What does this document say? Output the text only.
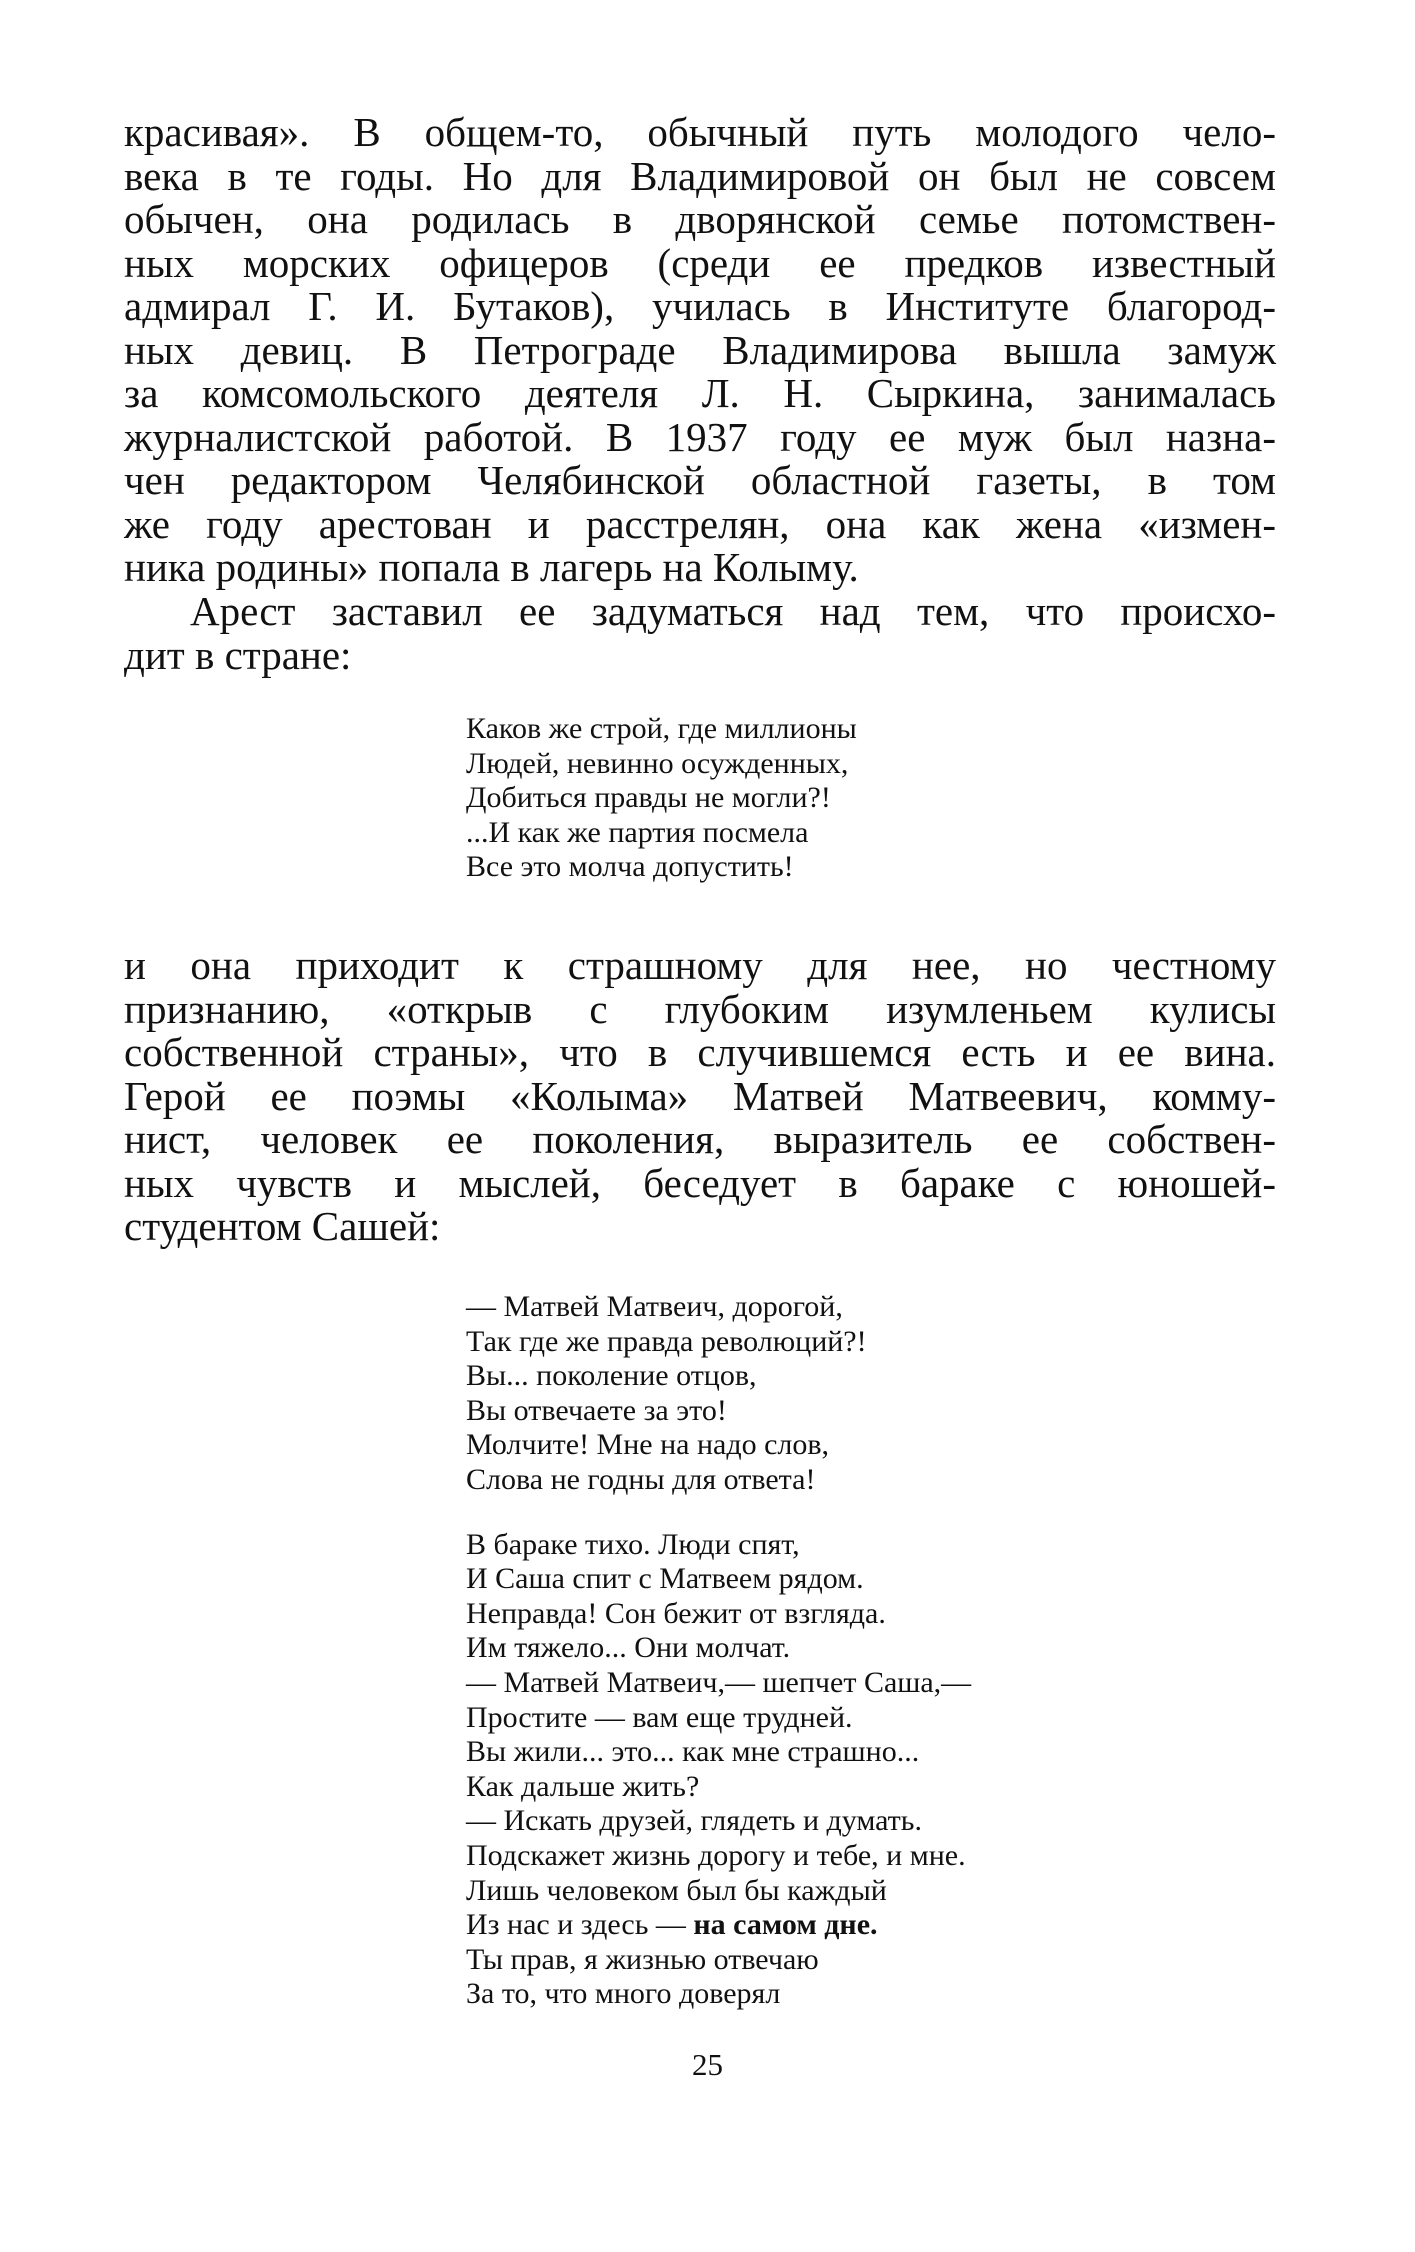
красивая». В общем-то, обычный путь молодого чело-
века в те годы. Но для Владимировой он был не совсем
обычен, она родилась в дворянской семье потомствен-
ных морских офицеров (среди ее предков известный
адмирал Г. И. Бутаков), училась в Институте благород-
ных девиц. В Петрограде Владимирова вышла замуж
за комсомольского деятеля Л. Н. Сыркина, занималась
журналистской работой. В 1937 году ее муж был назна-
чен редактором Челябинской областной газеты, в том
же году арестован и расстрелян, она как жена «измен-
ника родины» попала в лагерь на Колыму.
Арест заставил ее задуматься над тем, что происхо-
дит в стране:
Каков же строй, где миллионы
Людей, невинно осужденных,
Добиться правды не могли?!
...И как же партия посмела
Все это молча допустить!
и она приходит к страшному для нее, но честному
признанию, «открыв с глубоким изумленьем кулисы
собственной страны», что в случившемся есть и ее вина.
Герой ее поэмы «Колыма» Матвей Матвеевич, комму-
нист, человек ее поколения, выразитель ее собствен-
ных чувств и мыслей, беседует в бараке с юношей-
студентом Сашей:
— Матвей Матвеич, дорогой,
Так где же правда революций?!
Вы... поколение отцов,
Вы отвечаете за это!
Молчите! Мне на надо слов,
Слова не годны для ответа!
В бараке тихо. Люди спят,
И Саша спит с Матвеем рядом.
Неправда! Сон бежит от взгляда.
Им тяжело... Они молчат.
— Матвей Матвеич,— шепчет Саша,—
Простите — вам еще трудней.
Вы жили... это... как мне страшно...
Как дальше жить?
— Искать друзей, глядеть и думать.
Подскажет жизнь дорогу и тебе, и мне.
Лишь человеком был бы каждый
Из нас и здесь — на самом дне.
Ты прав, я жизнью отвечаю
За то, что много доверял
25
